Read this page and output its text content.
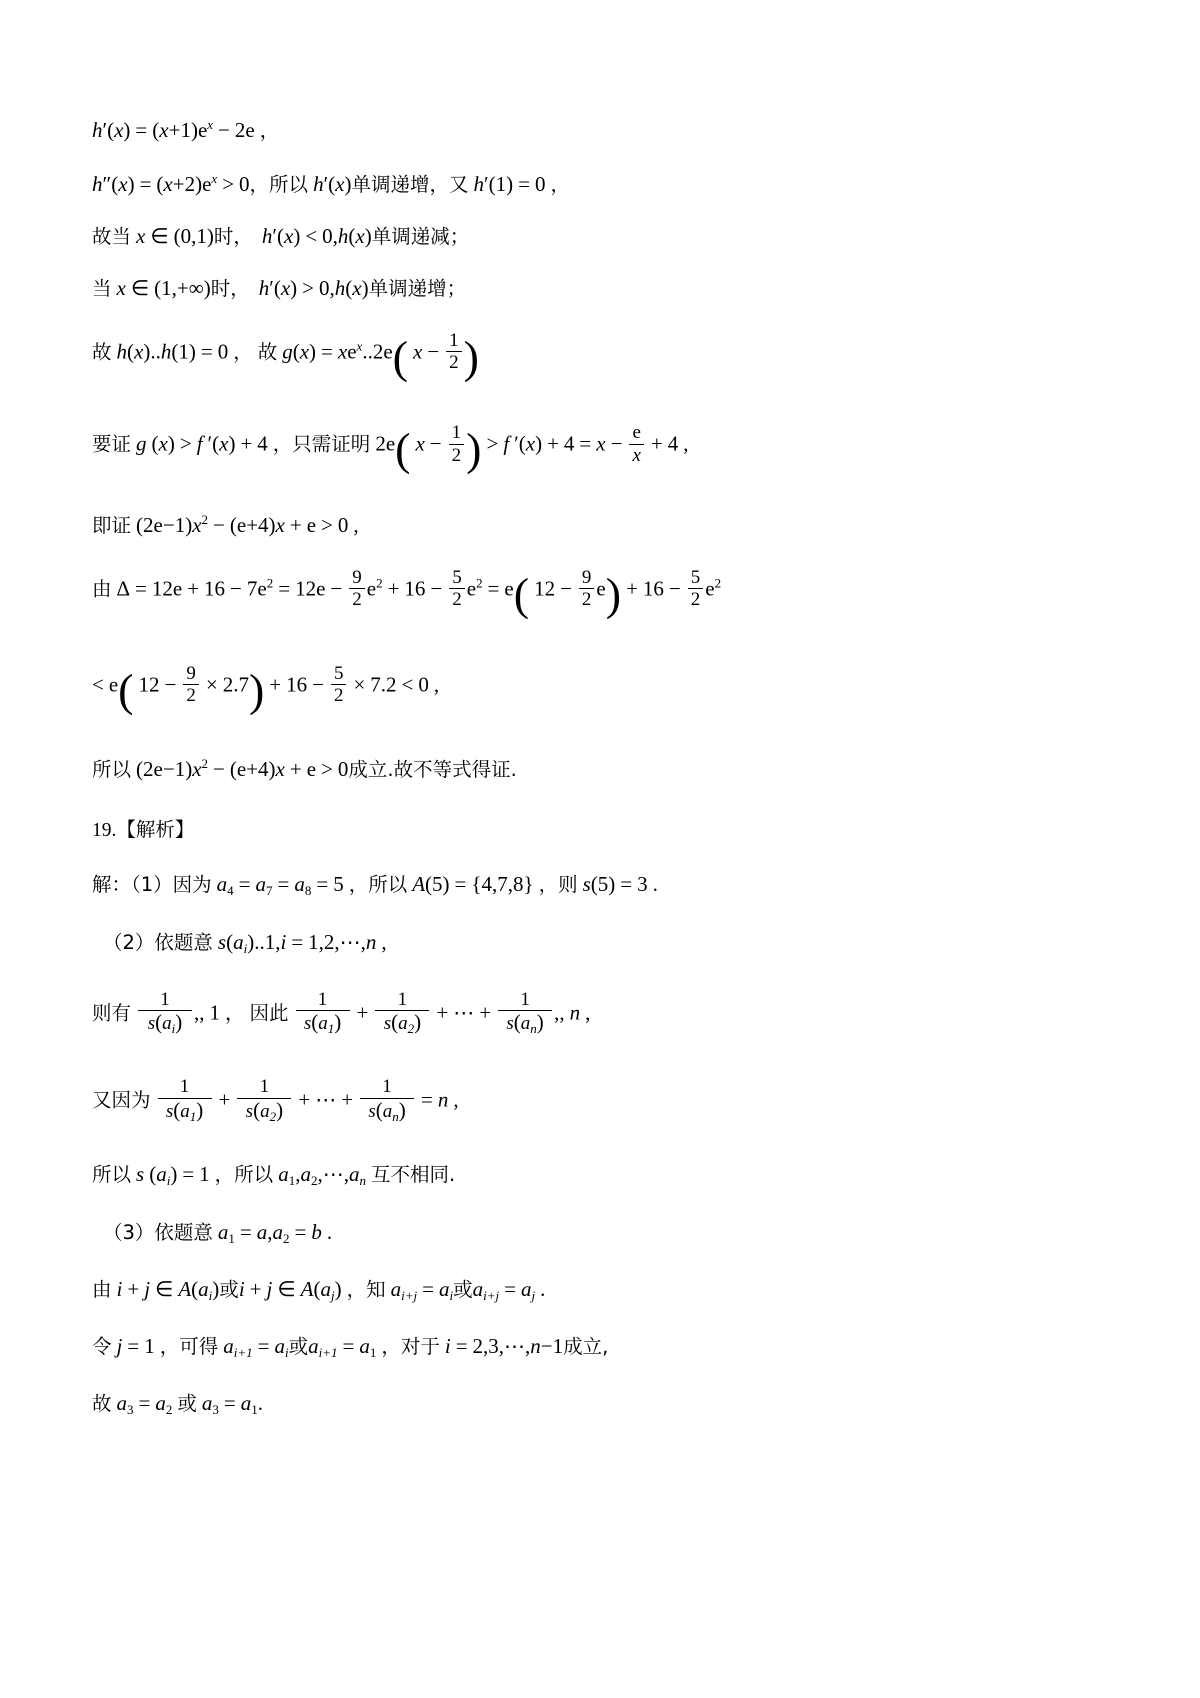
$h'(x) = (x+1)e^x - 2e$ ，
$h''(x) = (x+2)e^x > 0$，所以 h′(x)单调递增，又 h′(1) = 0 ，
故当 x ∈ (0,1)时， h′(x) < 0,h(x)单调递减；
当 x ∈ (1,+∞)时， h′(x) > 0,h(x)单调递增；
故 h(x)..h(1) = 0 ， 故 $g(x) = xe^x..2e$( $x - \frac{1}{2}$ )
要证 g (x) > f ′(x) + 4 ，只需证明 2e( $x - \frac{1}{2}$ ) > f $'(x) + 4 = x - \frac{e}{x} + 4$ ,
即证 $(2e-1)x^2 - (e+4)x + e > 0$ ,
由 $\Delta = 12e + 16 - 7e^2 = 12e - \frac{9}{2} e^2 + 16 - \frac{5}{2} e^2 = e$( $12 - \frac{9}{2} e) + 16 - \frac{5}{2} e^2$
< e( $12 - \frac{9}{2} \times 2.7) + 16 - \frac{5}{2} \times 7.2 < 0$ ,
所以 $(2e-1)x^2 - (e+4)x + e > 0$成立.故不等式得证.
19.【解析】
解：（1）因为 $a_4 = a_7 = a_8 = 5$ ，所以 A(5) = {4,7,8} ，则 s(5) = 3 .
（2）依题意 $s(a_i)..1,i$ = 1,2,⋯,n ,
则有 $\frac{1}{s(a_i)}$ ,, 1 ， 因此 $\frac{1}{s(a_1)} + \frac{1}{s(a_2)}$ + ⋯ + $\frac{1}{s(a_n)}$ ,, n ,
又因为 $\frac{1}{s(a_1)} + \frac{1}{s(a_2)}$ + ⋯ + $\frac{1}{s(a_n)} = n$ ,
所以 s $(a_i) = 1$ ，所以 $a_1,a_2,\cdots,a_n$ 互不相同.
（3）依题意 $a_1 = a,a_2 = b$ .
由 i + j ∈ $A(a_i)$或i + j ∈ $A(a_j)$ ，知 $a_{i+j} = a_i$或$a_{i+j} = a_j$ .
令 j = 1 ，可得 $a_{i+1} = a_i$或$a_{i+1} = a_1$ ，对于 i = 2,3,⋯,n−1成立,
故 $a_3 = a_2$ 或 $a_3 = a_1$.
